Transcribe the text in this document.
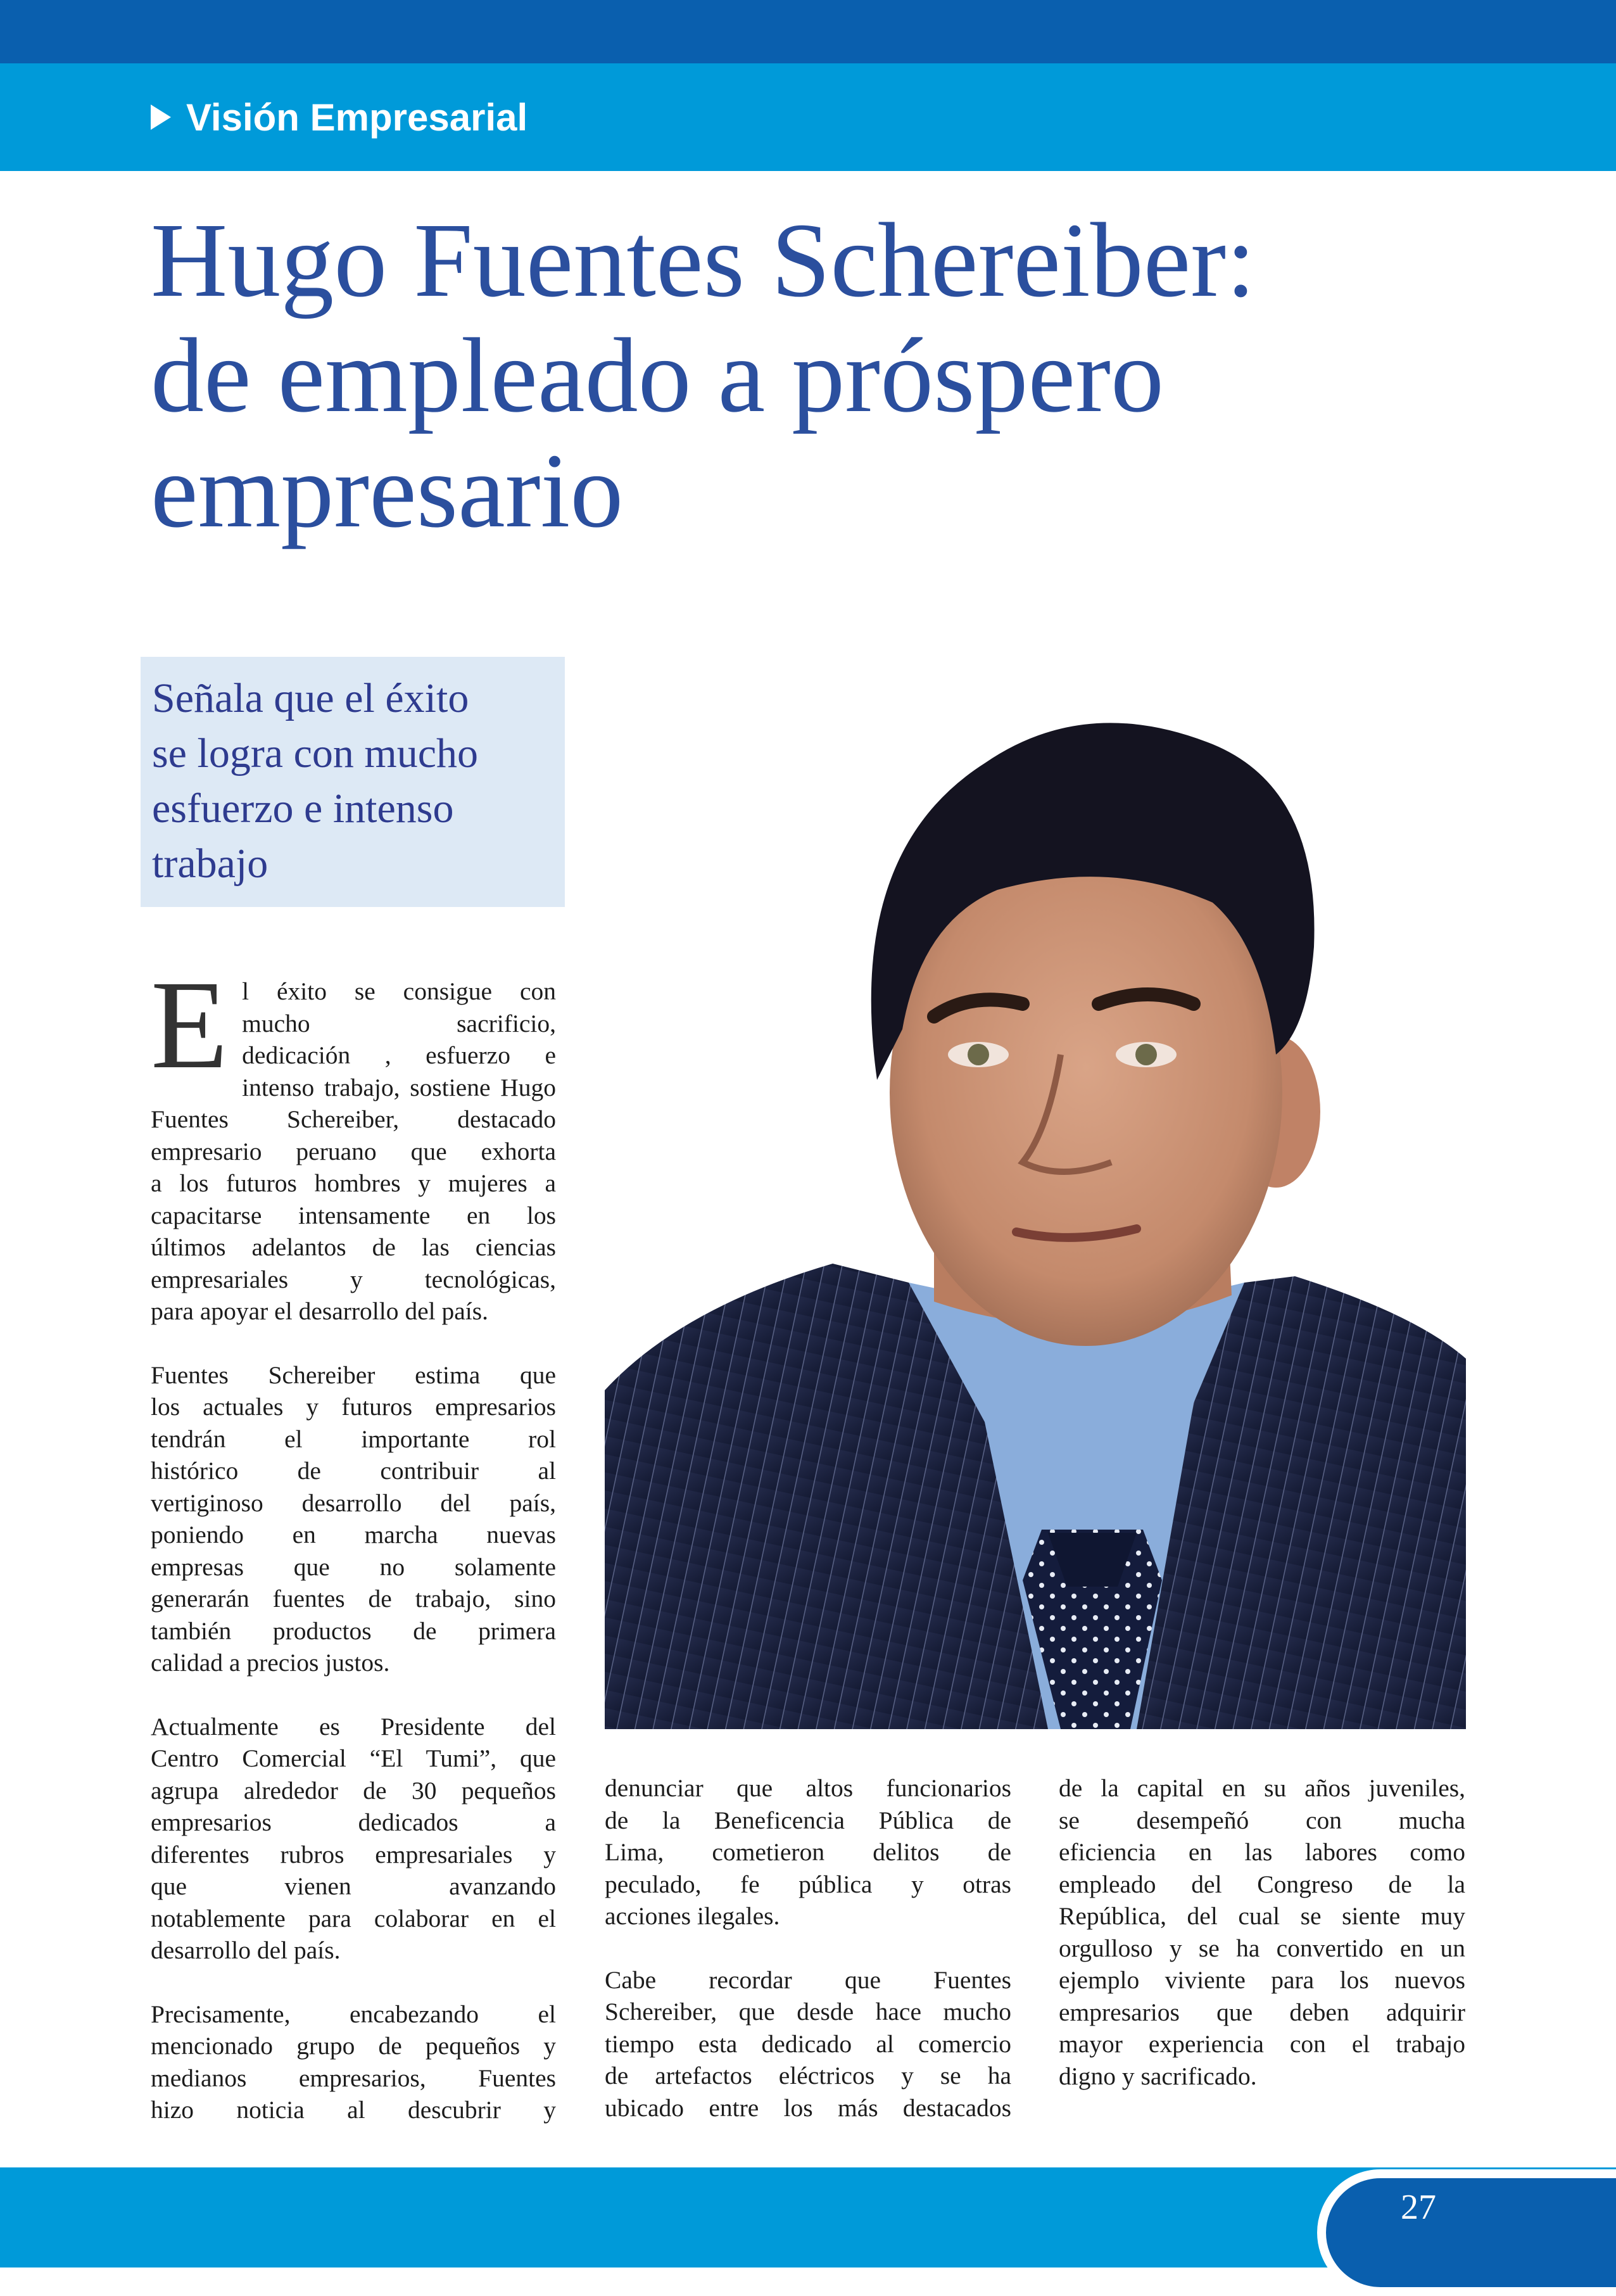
Visión Empresarial
Hugo Fuentes Schereiber:
de empleado a próspero
empresario
Señala que el éxito
se logra con mucho
esfuerzo e intenso
trabajo

E l éxito se consigue con
mucho sacrificio,
dedicación , esfuerzo e
intenso trabajo, sostiene Hugo
Fuentes Schereiber, destacado
empresario peruano que exhorta
a los futuros hombres y mujeres a
capacitarse intensamente en los
últimos adelantos de las ciencias
empresariales y tecnológicas,
para apoyar el desarrollo del país.

Fuentes Schereiber estima que
los actuales y futuros empresarios
tendrán el importante rol
histórico de contribuir al
vertiginoso desarrollo del país,
poniendo en marcha nuevas
empresas que no solamente
generarán fuentes de trabajo, sino
también productos de primera
calidad a precios justos.

Actualmente es Presidente del
Centro Comercial “El Tumi”, que
agrupa alrededor de 30 pequeños
empresarios dedicados a
diferentes rubros empresariales y
que vienen avanzando
notablemente para colaborar en el
desarrollo del país.

Precisamente, encabezando el
mencionado grupo de pequeños y
medianos empresarios, Fuentes
hizo noticia al descubrir y

denunciar que altos funcionarios
de la Beneficencia Pública de
Lima, cometieron delitos de
peculado, fe pública y otras
acciones ilegales.

Cabe recordar que Fuentes
Schereiber, que desde hace mucho
tiempo esta dedicado al comercio
de artefactos eléctricos y se ha
ubicado entre los más destacados

de la capital en su años juveniles,
se desempeñó con mucha
eficiencia en las labores como
empleado del Congreso de la
República, del cual se siente muy
orgulloso y se ha convertido en un
ejemplo viviente para los nuevos
empresarios que deben adquirir
mayor experiencia con el trabajo
digno y sacrificado.

27
